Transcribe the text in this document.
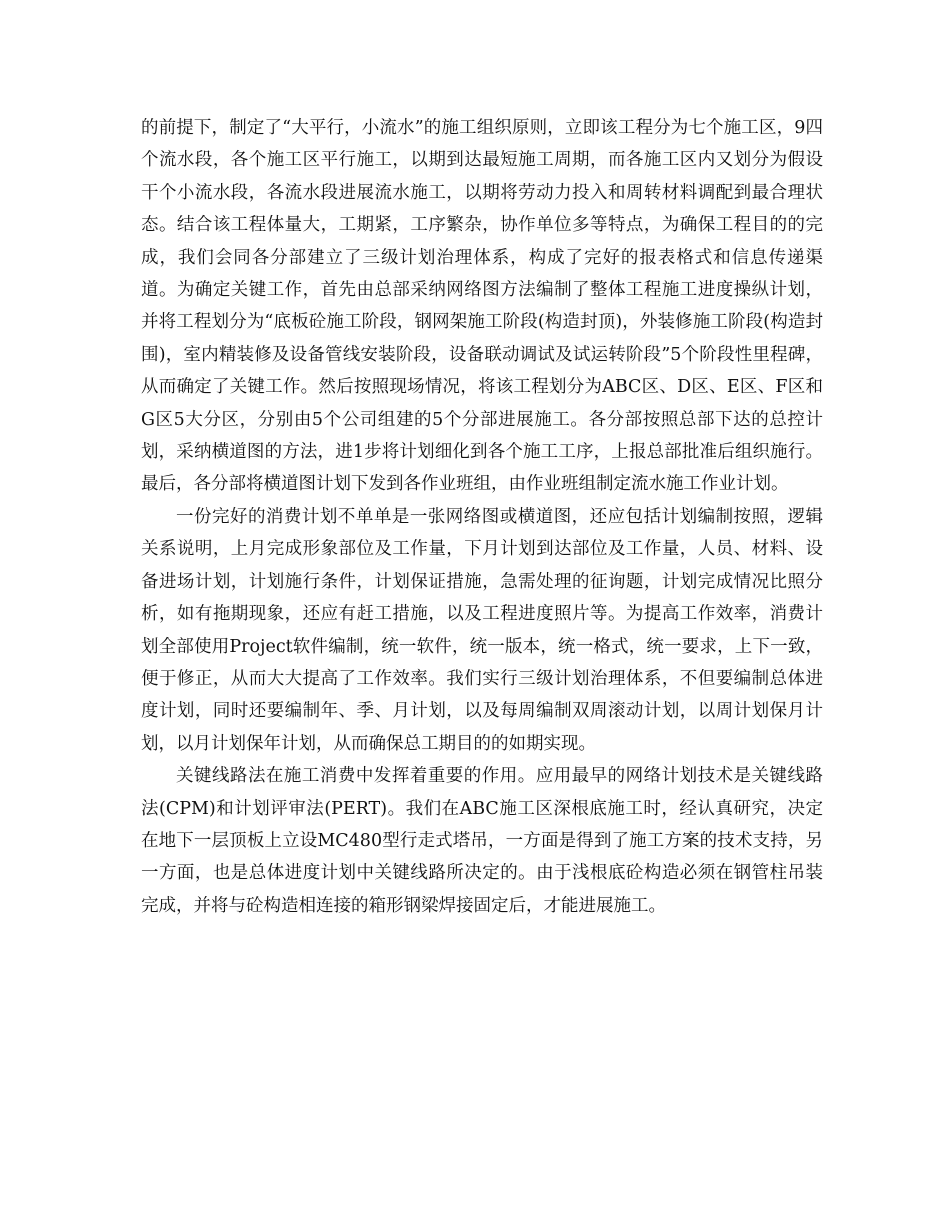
的前提下，制定了“大平行，小流水”的施工组织原则，立即该工程分为七个施工区，9四个流水段，各个施工区平行施工，以期到达最短施工周期，而各施工区内又划分为假设干个小流水段，各流水段进展流水施工，以期将劳动力投入和周转材料调配到最合理状态。结合该工程体量大，工期紧，工序繁杂，协作单位多等特点，为确保工程目的的完成，我们会同各分部建立了三级计划治理体系，构成了完好的报表格式和信息传递渠道。为确定关键工作，首先由总部采纳网络图方法编制了整体工程施工进度操纵计划，并将工程划分为“底板砼施工阶段，钢网架施工阶段(构造封顶)，外装修施工阶段(构造封围)，室内精装修及设备管线安装阶段，设备联动调试及试运转阶段”5个阶段性里程碑，从而确定了关键工作。然后按照现场情况，将该工程划分为ABC区、D区、E区、F区和G区5大分区，分别由5个公司组建的5个分部进展施工。各分部按照总部下达的总控计划，采纳横道图的方法，进1步将计划细化到各个施工工序，上报总部批准后组织施行。最后，各分部将横道图计划下发到各作业班组，由作业班组制定流水施工作业计划。

一份完好的消费计划不单单是一张网络图或横道图，还应包括计划编制按照，逻辑关系说明，上月完成形象部位及工作量，下月计划到达部位及工作量，人员、材料、设备进场计划，计划施行条件，计划保证措施，急需处理的征询题，计划完成情况比照分析，如有拖期现象，还应有赶工措施，以及工程进度照片等。为提高工作效率，消费计划全部使用Project软件编制，统一软件，统一版本，统一格式，统一要求，上下一致，便于修正，从而大大提高了工作效率。我们实行三级计划治理体系，不但要编制总体进度计划，同时还要编制年、季、月计划，以及每周编制双周滚动计划，以周计划保月计划，以月计划保年计划，从而确保总工期目的的如期实现。

关键线路法在施工消费中发挥着重要的作用。应用最早的网络计划技术是关键线路法(CPM)和计划评审法(PERT)。我们在ABC施工区深根底施工时，经认真研究，决定在地下一层顶板上立设MC480型行走式塔吊，一方面是得到了施工方案的技术支持，另一方面，也是总体进度计划中关键线路所决定的。由于浅根底砼构造必须在钢管柱吊装完成，并将与砼构造相连接的箱形钢梁焊接固定后，才能进展施工。
